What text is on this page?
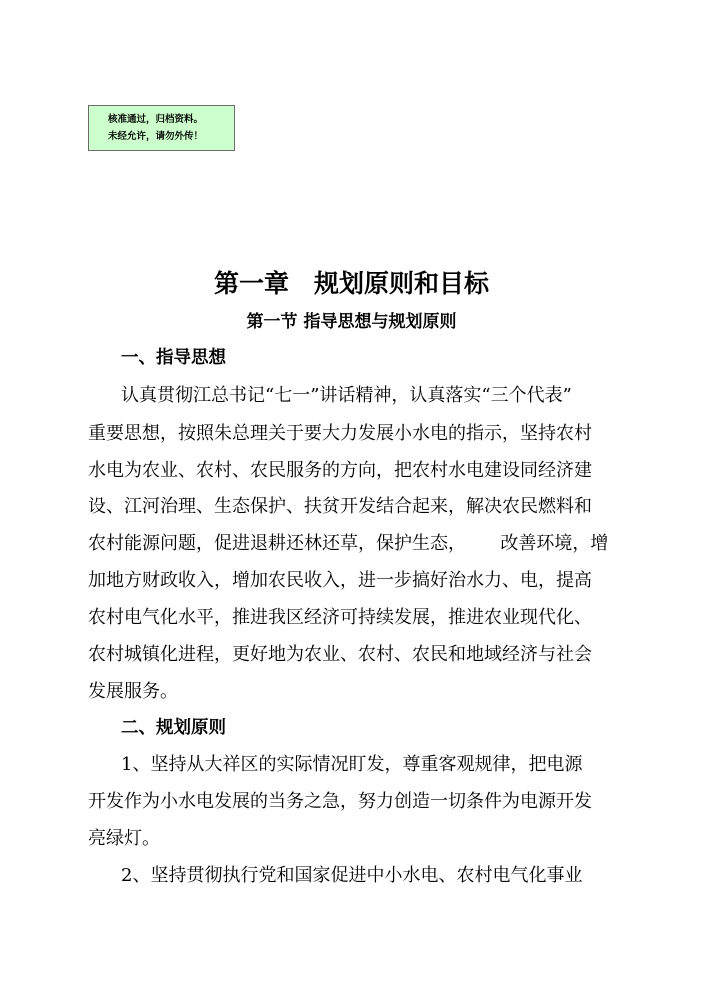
核准通过，归档资料。
未经允许，请勿外传！
第一章　规划原则和目标
第一节 指导思想与规划原则
一、指导思想
认真贯彻江总书记“七一”讲话精神，认真落实“三个代表”
重要思想，按照朱总理关于要大力发展小水电的指示，坚持农村
水电为农业、农村、农民服务的方向，把农村水电建设同经济建
设、江河治理、生态保护、扶贫开发结合起来，解决农民燃料和
农村能源问题，促进退耕还林还草，保护生态，      改善环境，增
加地方财政收入，增加农民收入，进一步搞好治水力、电，提高
农村电气化水平，推进我区经济可持续发展，推进农业现代化、
农村城镇化进程，更好地为农业、农村、农民和地域经济与社会
发展服务。
二、规划原则
1、坚持从大祥区的实际情况盯发，尊重客观规律，把电源
开发作为小水电发展的当务之急，努力创造一切条件为电源开发
亮绿灯。
2、坚持贯彻执行党和国家促进中小水电、农村电气化事业
